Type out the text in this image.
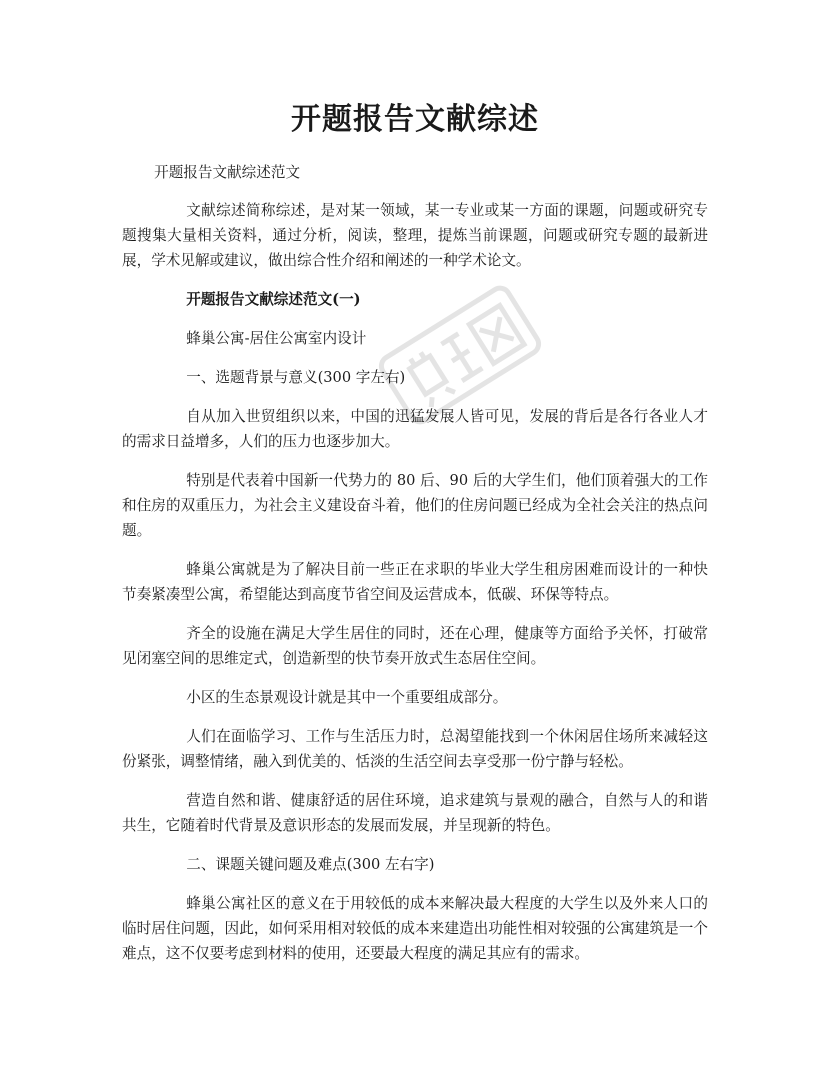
开题报告文献综述

开题报告文献综述范文

文献综述简称综述，是对某一领域，某一专业或某一方面的课题，问题或研究专题搜集大量相关资料，通过分析，阅读，整理，提炼当前课题，问题或研究专题的最新进展，学术见解或建议，做出综合性介绍和阐述的一种学术论文。

开题报告文献综述范文(一)

蜂巢公寓-居住公寓室内设计

一、选题背景与意义(300 字左右)

自从加入世贸组织以来，中国的迅猛发展人皆可见，发展的背后是各行各业人才的需求日益增多，人们的压力也逐步加大。

特别是代表着中国新一代势力的 80 后、90 后的大学生们，他们顶着强大的工作和住房的双重压力，为社会主义建设奋斗着，他们的住房问题已经成为全社会关注的热点问题。

蜂巢公寓就是为了解决目前一些正在求职的毕业大学生租房困难而设计的一种快节奏紧凑型公寓，希望能达到高度节省空间及运营成本，低碳、环保等特点。

齐全的设施在满足大学生居住的同时，还在心理，健康等方面给予关怀，打破常见闭塞空间的思维定式，创造新型的快节奏开放式生态居住空间。

小区的生态景观设计就是其中一个重要组成部分。

人们在面临学习、工作与生活压力时，总渴望能找到一个休闲居住场所来减轻这份紧张，调整情绪，融入到优美的、恬淡的生活空间去享受那一份宁静与轻松。

营造自然和谐、健康舒适的居住环境，追求建筑与景观的融合，自然与人的和谐共生，它随着时代背景及意识形态的发展而发展，并呈现新的特色。

二、课题关键问题及难点(300 左右字)

蜂巢公寓社区的意义在于用较低的成本来解决最大程度的大学生以及外来人口的临时居住问题，因此，如何采用相对较低的成本来建造出功能性相对较强的公寓建筑是一个难点，这不仅要考虑到材料的使用，还要最大程度的满足其应有的需求。
